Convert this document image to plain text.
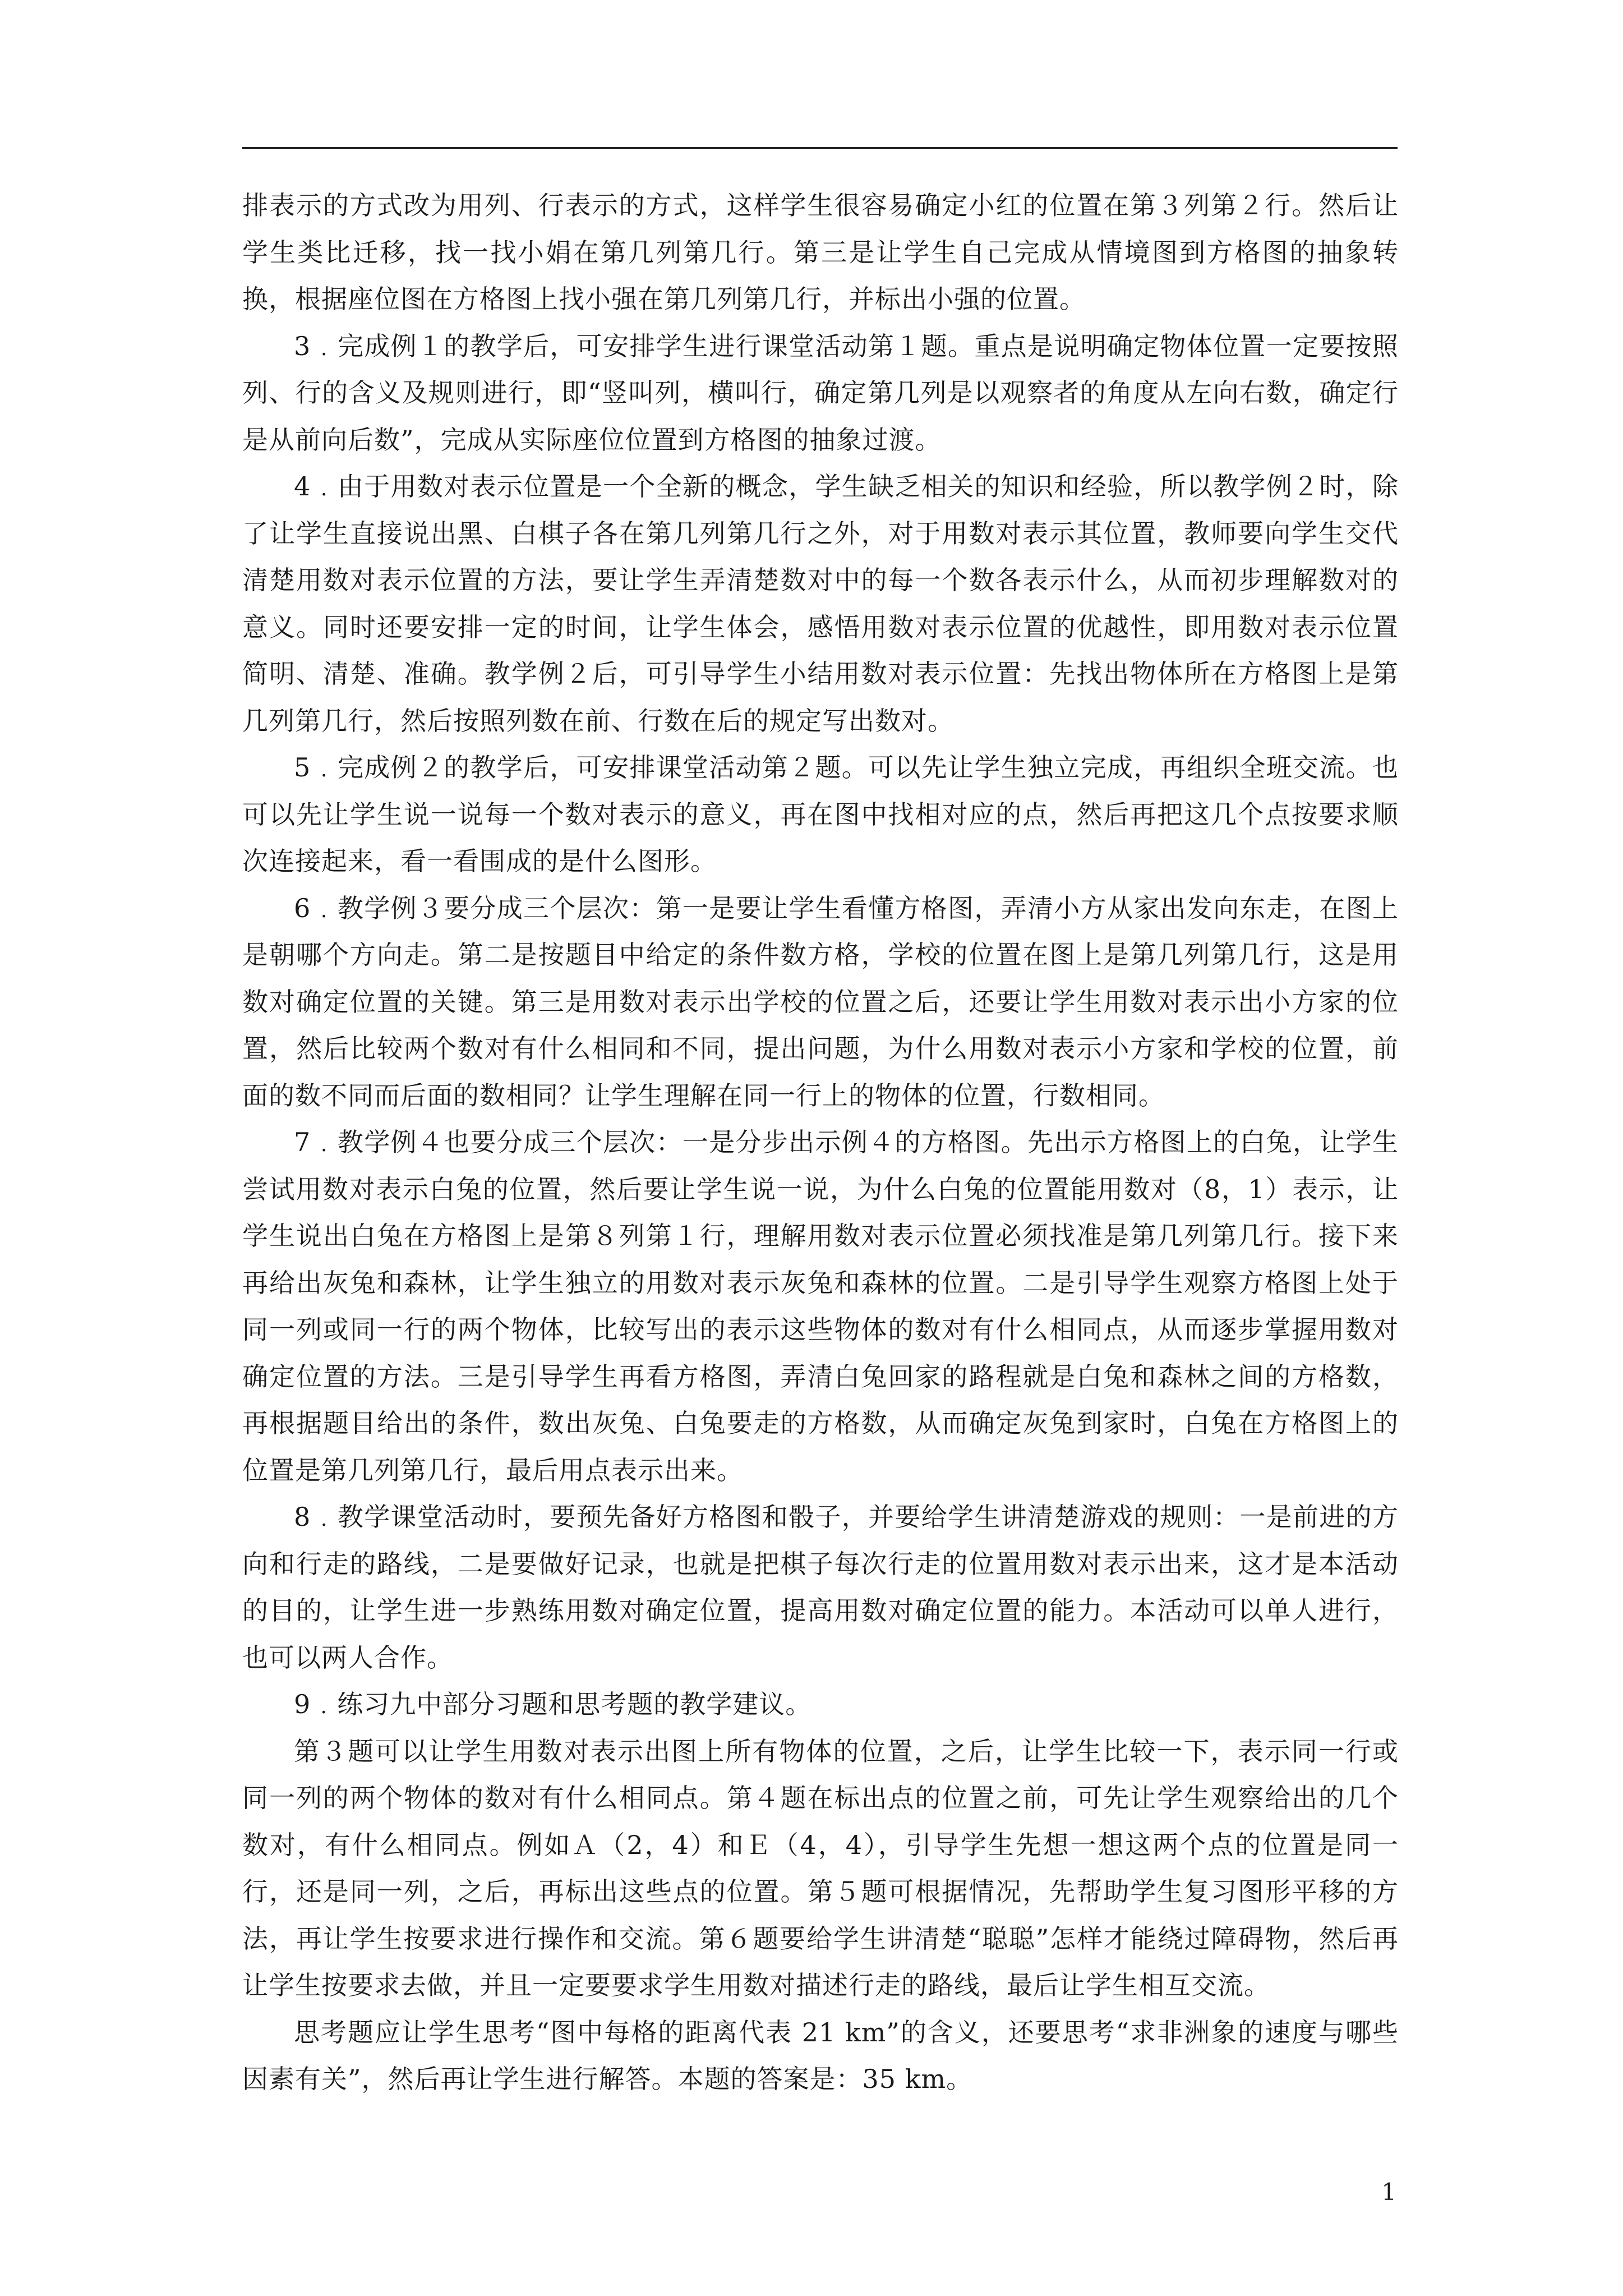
排表示的方式改为用列、行表示的方式，这样学生很容易确定小红的位置在第３列第２行。然后让学生类比迁移，找一找小娟在第几列第几行。第三是让学生自己完成从情境图到方格图的抽象转换，根据座位图在方格图上找小强在第几列第几行，并标出小强的位置。

3﹒完成例１的教学后，可安排学生进行课堂活动第１题。重点是说明确定物体位置一定要按照列、行的含义及规则进行，即“竖叫列，横叫行，确定第几列是以观察者的角度从左向右数，确定行是从前向后数”，完成从实际座位位置到方格图的抽象过渡。

4﹒由于用数对表示位置是一个全新的概念，学生缺乏相关的知识和经验，所以教学例２时，除了让学生直接说出黑、白棋子各在第几列第几行之外，对于用数对表示其位置，教师要向学生交代清楚用数对表示位置的方法，要让学生弄清楚数对中的每一个数各表示什么，从而初步理解数对的意义。同时还要安排一定的时间，让学生体会，感悟用数对表示位置的优越性，即用数对表示位置简明、清楚、准确。教学例２后，可引导学生小结用数对表示位置：先找出物体所在方格图上是第几列第几行，然后按照列数在前、行数在后的规定写出数对。

5﹒完成例２的教学后，可安排课堂活动第２题。可以先让学生独立完成，再组织全班交流。也可以先让学生说一说每一个数对表示的意义，再在图中找相对应的点，然后再把这几个点按要求顺次连接起来，看一看围成的是什么图形。

6﹒教学例３要分成三个层次：第一是要让学生看懂方格图，弄清小方从家出发向东走，在图上是朝哪个方向走。第二是按题目中给定的条件数方格，学校的位置在图上是第几列第几行，这是用数对确定位置的关键。第三是用数对表示出学校的位置之后，还要让学生用数对表示出小方家的位置，然后比较两个数对有什么相同和不同，提出问题，为什么用数对表示小方家和学校的位置，前面的数不同而后面的数相同？让学生理解在同一行上的物体的位置，行数相同。

7﹒教学例４也要分成三个层次：一是分步出示例４的方格图。先出示方格图上的白兔，让学生尝试用数对表示白兔的位置，然后要让学生说一说，为什么白兔的位置能用数对（8，1）表示，让学生说出白兔在方格图上是第８列第１行，理解用数对表示位置必须找准是第几列第几行。接下来再给出灰兔和森林，让学生独立的用数对表示灰兔和森林的位置。二是引导学生观察方格图上处于同一列或同一行的两个物体，比较写出的表示这些物体的数对有什么相同点，从而逐步掌握用数对确定位置的方法。三是引导学生再看方格图，弄清白兔回家的路程就是白兔和森林之间的方格数，再根据题目给出的条件，数出灰兔、白兔要走的方格数，从而确定灰兔到家时，白兔在方格图上的位置是第几列第几行，最后用点表示出来。

8﹒教学课堂活动时，要预先备好方格图和骰子，并要给学生讲清楚游戏的规则：一是前进的方向和行走的路线，二是要做好记录，也就是把棋子每次行走的位置用数对表示出来，这才是本活动的目的，让学生进一步熟练用数对确定位置，提高用数对确定位置的能力。本活动可以单人进行，也可以两人合作。

9﹒练习九中部分习题和思考题的教学建议。

第３题可以让学生用数对表示出图上所有物体的位置，之后，让学生比较一下，表示同一行或同一列的两个物体的数对有什么相同点。第４题在标出点的位置之前，可先让学生观察给出的几个数对，有什么相同点。例如Ａ（2，4）和Ｅ（4，4），引导学生先想一想这两个点的位置是同一行，还是同一列，之后，再标出这些点的位置。第５题可根据情况，先帮助学生复习图形平移的方法，再让学生按要求进行操作和交流。第６题要给学生讲清楚“聪聪”怎样才能绕过障碍物，然后再让学生按要求去做，并且一定要要求学生用数对描述行走的路线，最后让学生相互交流。

思考题应让学生思考“图中每格的距离代表 21 km”的含义，还要思考“求非洲象的速度与哪些因素有关”，然后再让学生进行解答。本题的答案是：35 km。

1
